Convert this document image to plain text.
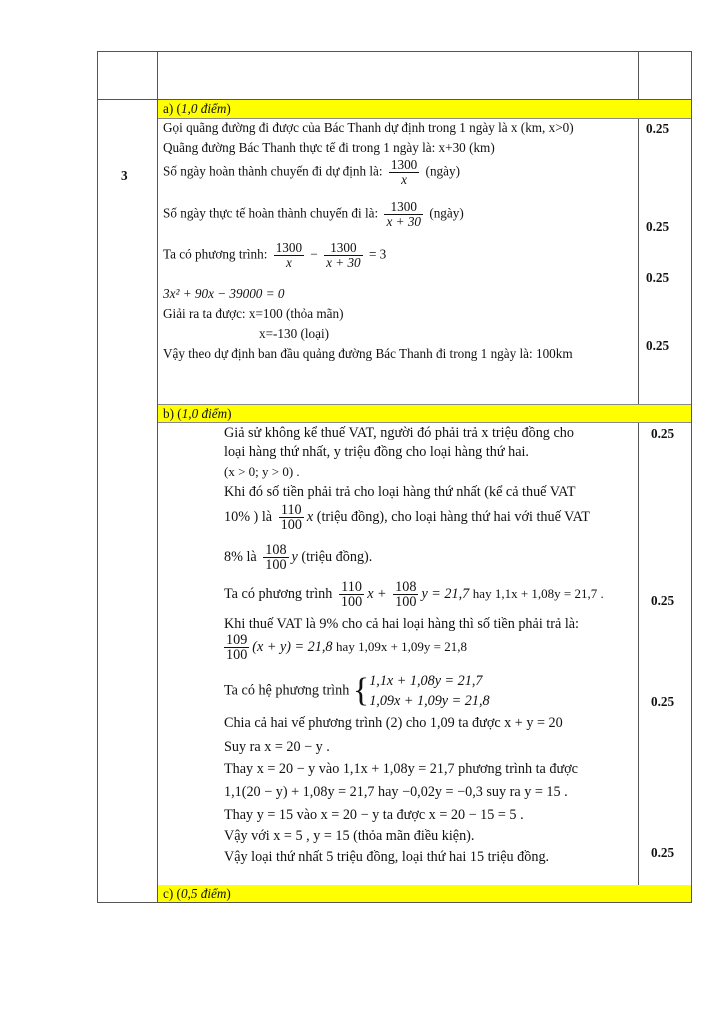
3
a) (1,0 điểm)
b) (1,0 điểm)
c) (0,5 điểm)
Gọi quãng đường đi được của Bác Thanh dự định trong 1 ngày là x (km, x>0)
Quãng đường Bác Thanh thực tế đi trong 1 ngày là: x+30 (km)
Số ngày hoàn thành chuyến đi dự định là: $\frac{1300}{x}$ (ngày)
Số ngày thực tế hoàn thành chuyến đi là: $\frac{1300}{x + 30}$ (ngày)
Ta có phương trình: $\frac{1300}{x} - \frac{1300}{x + 30} = 3$
3x² + 90x − 39000 = 0
Giải ra ta được: x=100 (thỏa mãn)
x=-130 (loại)
Vậy theo dự định ban đầu quảng đường Bác Thanh đi trong 1 ngày là: 100km
Giả sử không kể thuế VAT, người đó phải trả x triệu đồng cho
loại hàng thứ nhất, y triệu đồng cho loại hàng thứ hai.
(x > 0; y > 0) .
Khi đó số tiền phải trả cho loại hàng thứ nhất (kể cả thuế VAT
10% ) là $\frac{110}{100}$ x (triệu đồng), cho loại hàng thứ hai với thuế VAT
8% là $\frac{108}{100}$ y (triệu đồng).
Ta có phương trình $\frac{110}{100}$ $x + \frac{108}{100}$ y = 21,7 hay 1,1x + 1,08y = 21,7 .
Khi thuế VAT là 9% cho cả hai loại hàng thì số tiền phải trả là:
$\frac{109}{100} (x + y) = 21,8$ hay 1,09x + 1,09y = 21,8
Ta có hệ phương trình { 1,1x + 1,08y = 21,7
1,09x + 1,09y = 21,8
Chia cả hai vế phương trình (2) cho 1,09 ta được x + y = 20
Suy ra x = 20 − y .
Thay x = 20 − y vào 1,1x + 1,08y = 21,7 phương trình ta được
1,1(20 − y) + 1,08y = 21,7 hay −0,02y = −0,3 suy ra y = 15 .
Thay y = 15 vào x = 20 − y ta được x = 20 − 15 = 5 .
Vậy với x = 5 , y = 15 (thỏa mãn điều kiện).
Vậy loại thứ nhất 5 triệu đồng, loại thứ hai 15 triệu đồng.
0.25
0.25
0.25
0.25
0.25
0.25
0.25
0.25
